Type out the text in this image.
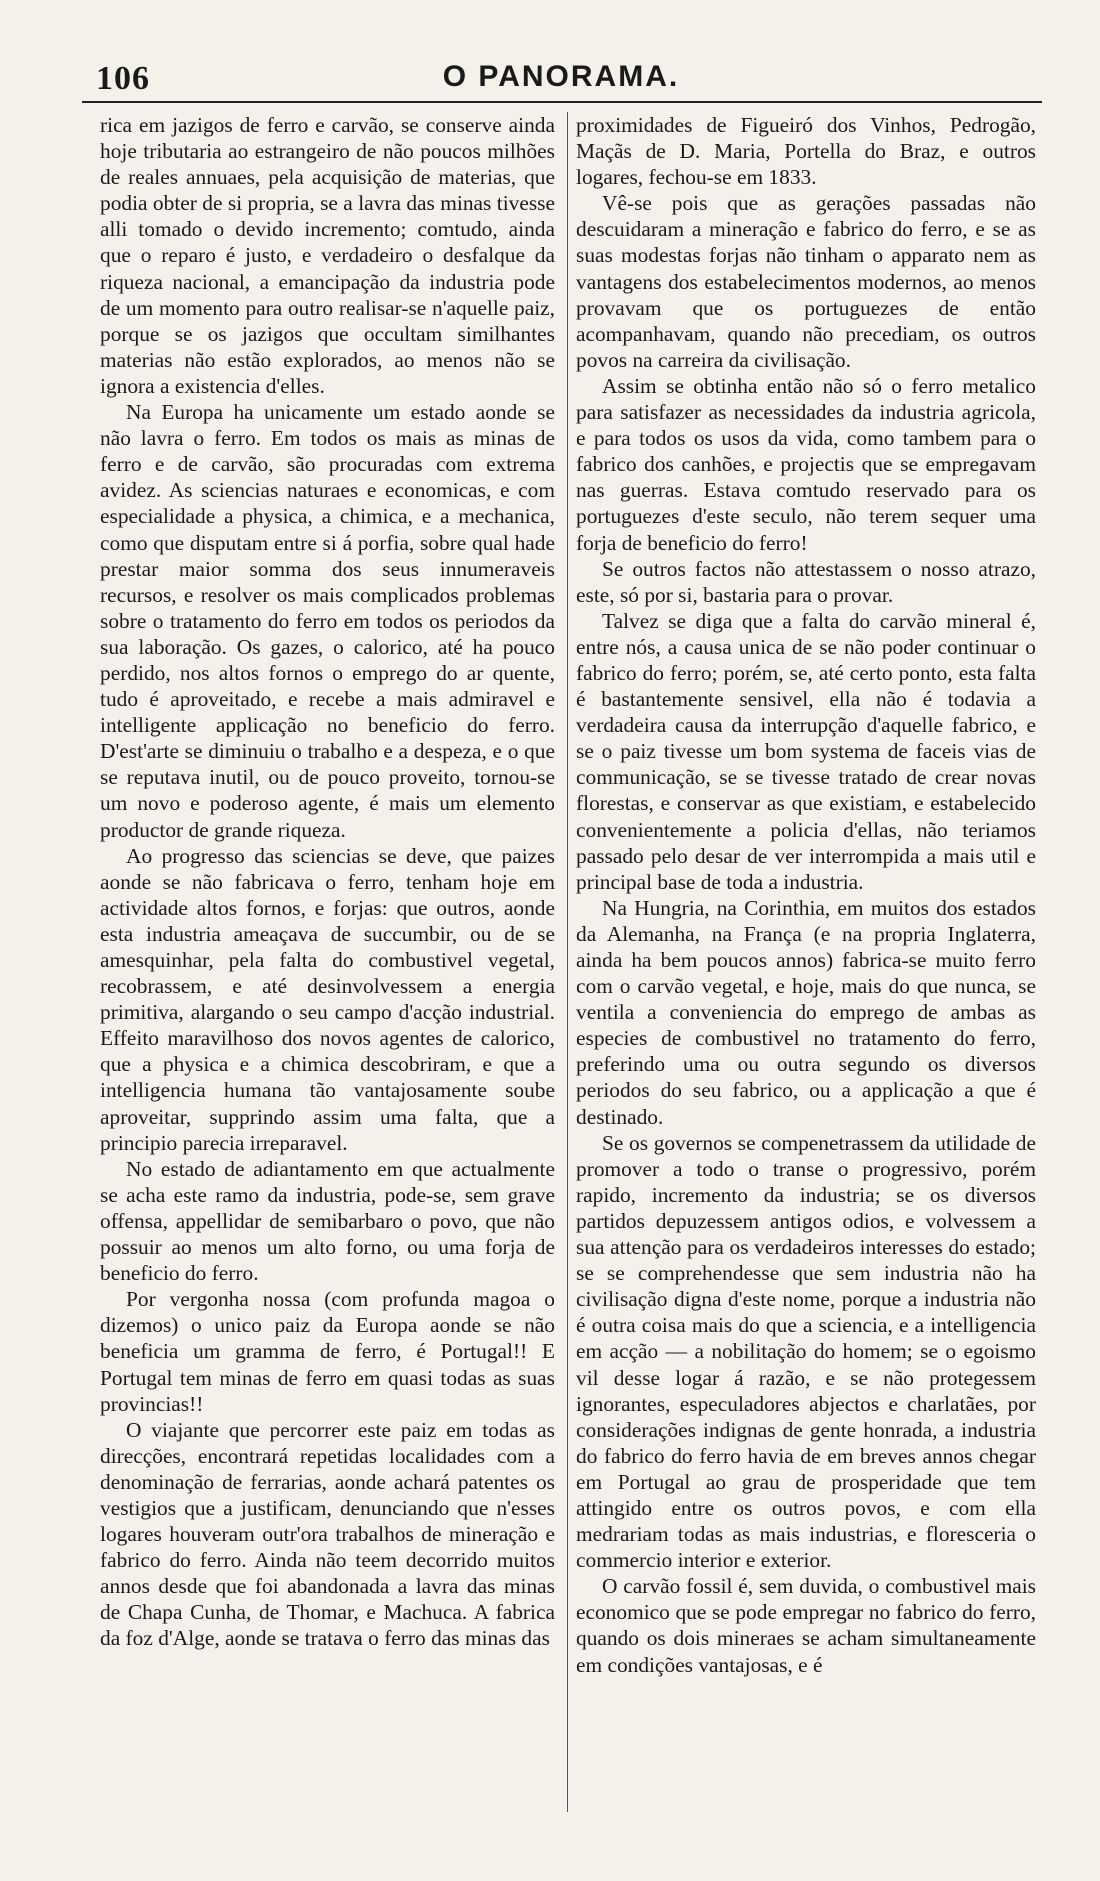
106	O PANORAMA.

rica em jazigos de ferro e carvão, se conserve ainda hoje tributaria ao estrangeiro de não poucos milhões de reales annuaes, pela acquisição de materias, que podia obter de si propria, se a lavra das minas tivesse alli tomado o devido incremento; comtudo, ainda que o reparo é justo, e verdadeiro o desfalque da riqueza nacional, a emancipação da industria pode de um momento para outro realisar-se n'aquelle paiz, porque se os jazigos que occultam similhantes materias não estão explorados, ao menos não se ignora a existencia d'elles.

Na Europa ha unicamente um estado aonde se não lavra o ferro. Em todos os mais as minas de ferro e de carvão, são procuradas com extrema avidez. As sciencias naturaes e economicas, e com especialidade a physica, a chimica, e a mechanica, como que disputam entre si á porfia, sobre qual hade prestar maior somma dos seus innumeraveis recursos, e resolver os mais complicados problemas sobre o tratamento do ferro em todos os periodos da sua laboração. Os gazes, o calorico, até ha pouco perdido, nos altos fornos o emprego do ar quente, tudo é aproveitado, e recebe a mais admiravel e intelligente applicação no beneficio do ferro. D'est'arte se diminuiu o trabalho e a despeza, e o que se reputava inutil, ou de pouco proveito, tornou-se um novo e poderoso agente, é mais um elemento productor de grande riqueza.

Ao progresso das sciencias se deve, que paizes aonde se não fabricava o ferro, tenham hoje em actividade altos fornos, e forjas: que outros, aonde esta industria ameaçava de succumbir, ou de se amesquinhar, pela falta do combustivel vegetal, recobrassem, e até desinvolvessem a energia primitiva, alargando o seu campo d'acção industrial. Effeito maravilhoso dos novos agentes de calorico, que a physica e a chimica descobriram, e que a intelligencia humana tão vantajosamente soube aproveitar, supprindo assim uma falta, que a principio parecia irreparavel.

No estado de adiantamento em que actualmente se acha este ramo da industria, pode-se, sem grave offensa, appellidar de semibarbaro o povo, que não possuir ao menos um alto forno, ou uma forja de beneficio do ferro.

Por vergonha nossa (com profunda magoa o dizemos) o unico paiz da Europa aonde se não beneficia um gramma de ferro, é Portugal!! E Portugal tem minas de ferro em quasi todas as suas provincias!!

O viajante que percorrer este paiz em todas as direcções, encontrará repetidas localidades com a denominação de ferrarias, aonde achará patentes os vestigios que a justificam, denunciando que n'esses logares houveram outr'ora trabalhos de mineração e fabrico do ferro. Ainda não teem decorrido muitos annos desde que foi abandonada a lavra das minas de Chapa Cunha, de Thomar, e Machuca. A fabrica da foz d'Alge, aonde se tratava o ferro das minas das

proximidades de Figueiró dos Vinhos, Pedrogão, Maçãs de D. Maria, Portella do Braz, e outros logares, fechou-se em 1833.

Vê-se pois que as gerações passadas não descuidaram a mineração e fabrico do ferro, e se as suas modestas forjas não tinham o apparato nem as vantagens dos estabelecimentos modernos, ao menos provavam que os portuguezes de então acompanhavam, quando não precediam, os outros povos na carreira da civilisação.

Assim se obtinha então não só o ferro metalico para satisfazer as necessidades da industria agricola, e para todos os usos da vida, como tambem para o fabrico dos canhões, e projectis que se empregavam nas guerras. Estava comtudo reservado para os portuguezes d'este seculo, não terem sequer uma forja de beneficio do ferro!

Se outros factos não attestassem o nosso atrazo, este, só por si, bastaria para o provar.

Talvez se diga que a falta do carvão mineral é, entre nós, a causa unica de se não poder continuar o fabrico do ferro; porém, se, até certo ponto, esta falta é bastantemente sensivel, ella não é todavia a verdadeira causa da interrupção d'aquelle fabrico, e se o paiz tivesse um bom systema de faceis vias de communicação, se se tivesse tratado de crear novas florestas, e conservar as que existiam, e estabelecido convenientemente a policia d'ellas, não teriamos passado pelo desar de ver interrompida a mais util e principal base de toda a industria.

Na Hungria, na Corinthia, em muitos dos estados da Alemanha, na França (e na propria Inglaterra, ainda ha bem poucos annos) fabrica-se muito ferro com o carvão vegetal, e hoje, mais do que nunca, se ventila a conveniencia do emprego de ambas as especies de combustivel no tratamento do ferro, preferindo uma ou outra segundo os diversos periodos do seu fabrico, ou a applicação a que é destinado.

Se os governos se compenetrassem da utilidade de promover a todo o transe o progressivo, porém rapido, incremento da industria; se os diversos partidos depuzessem antigos odios, e volvessem a sua attenção para os verdadeiros interesses do estado; se se comprehendesse que sem industria não ha civilisação digna d'este nome, porque a industria não é outra coisa mais do que a sciencia, e a intelligencia em acção — a nobilitação do homem; se o egoismo vil desse logar á razão, e se não protegessem ignorantes, especuladores abjectos e charlatães, por considerações indignas de gente honrada, a industria do fabrico do ferro havia de em breves annos chegar em Portugal ao grau de prosperidade que tem attingido entre os outros povos, e com ella medrariam todas as mais industrias, e floresceria o commercio interior e exterior.

O carvão fossil é, sem duvida, o combustivel mais economico que se pode empregar no fabrico do ferro, quando os dois mineraes se acham simultaneamente em condições vantajosas, e é
